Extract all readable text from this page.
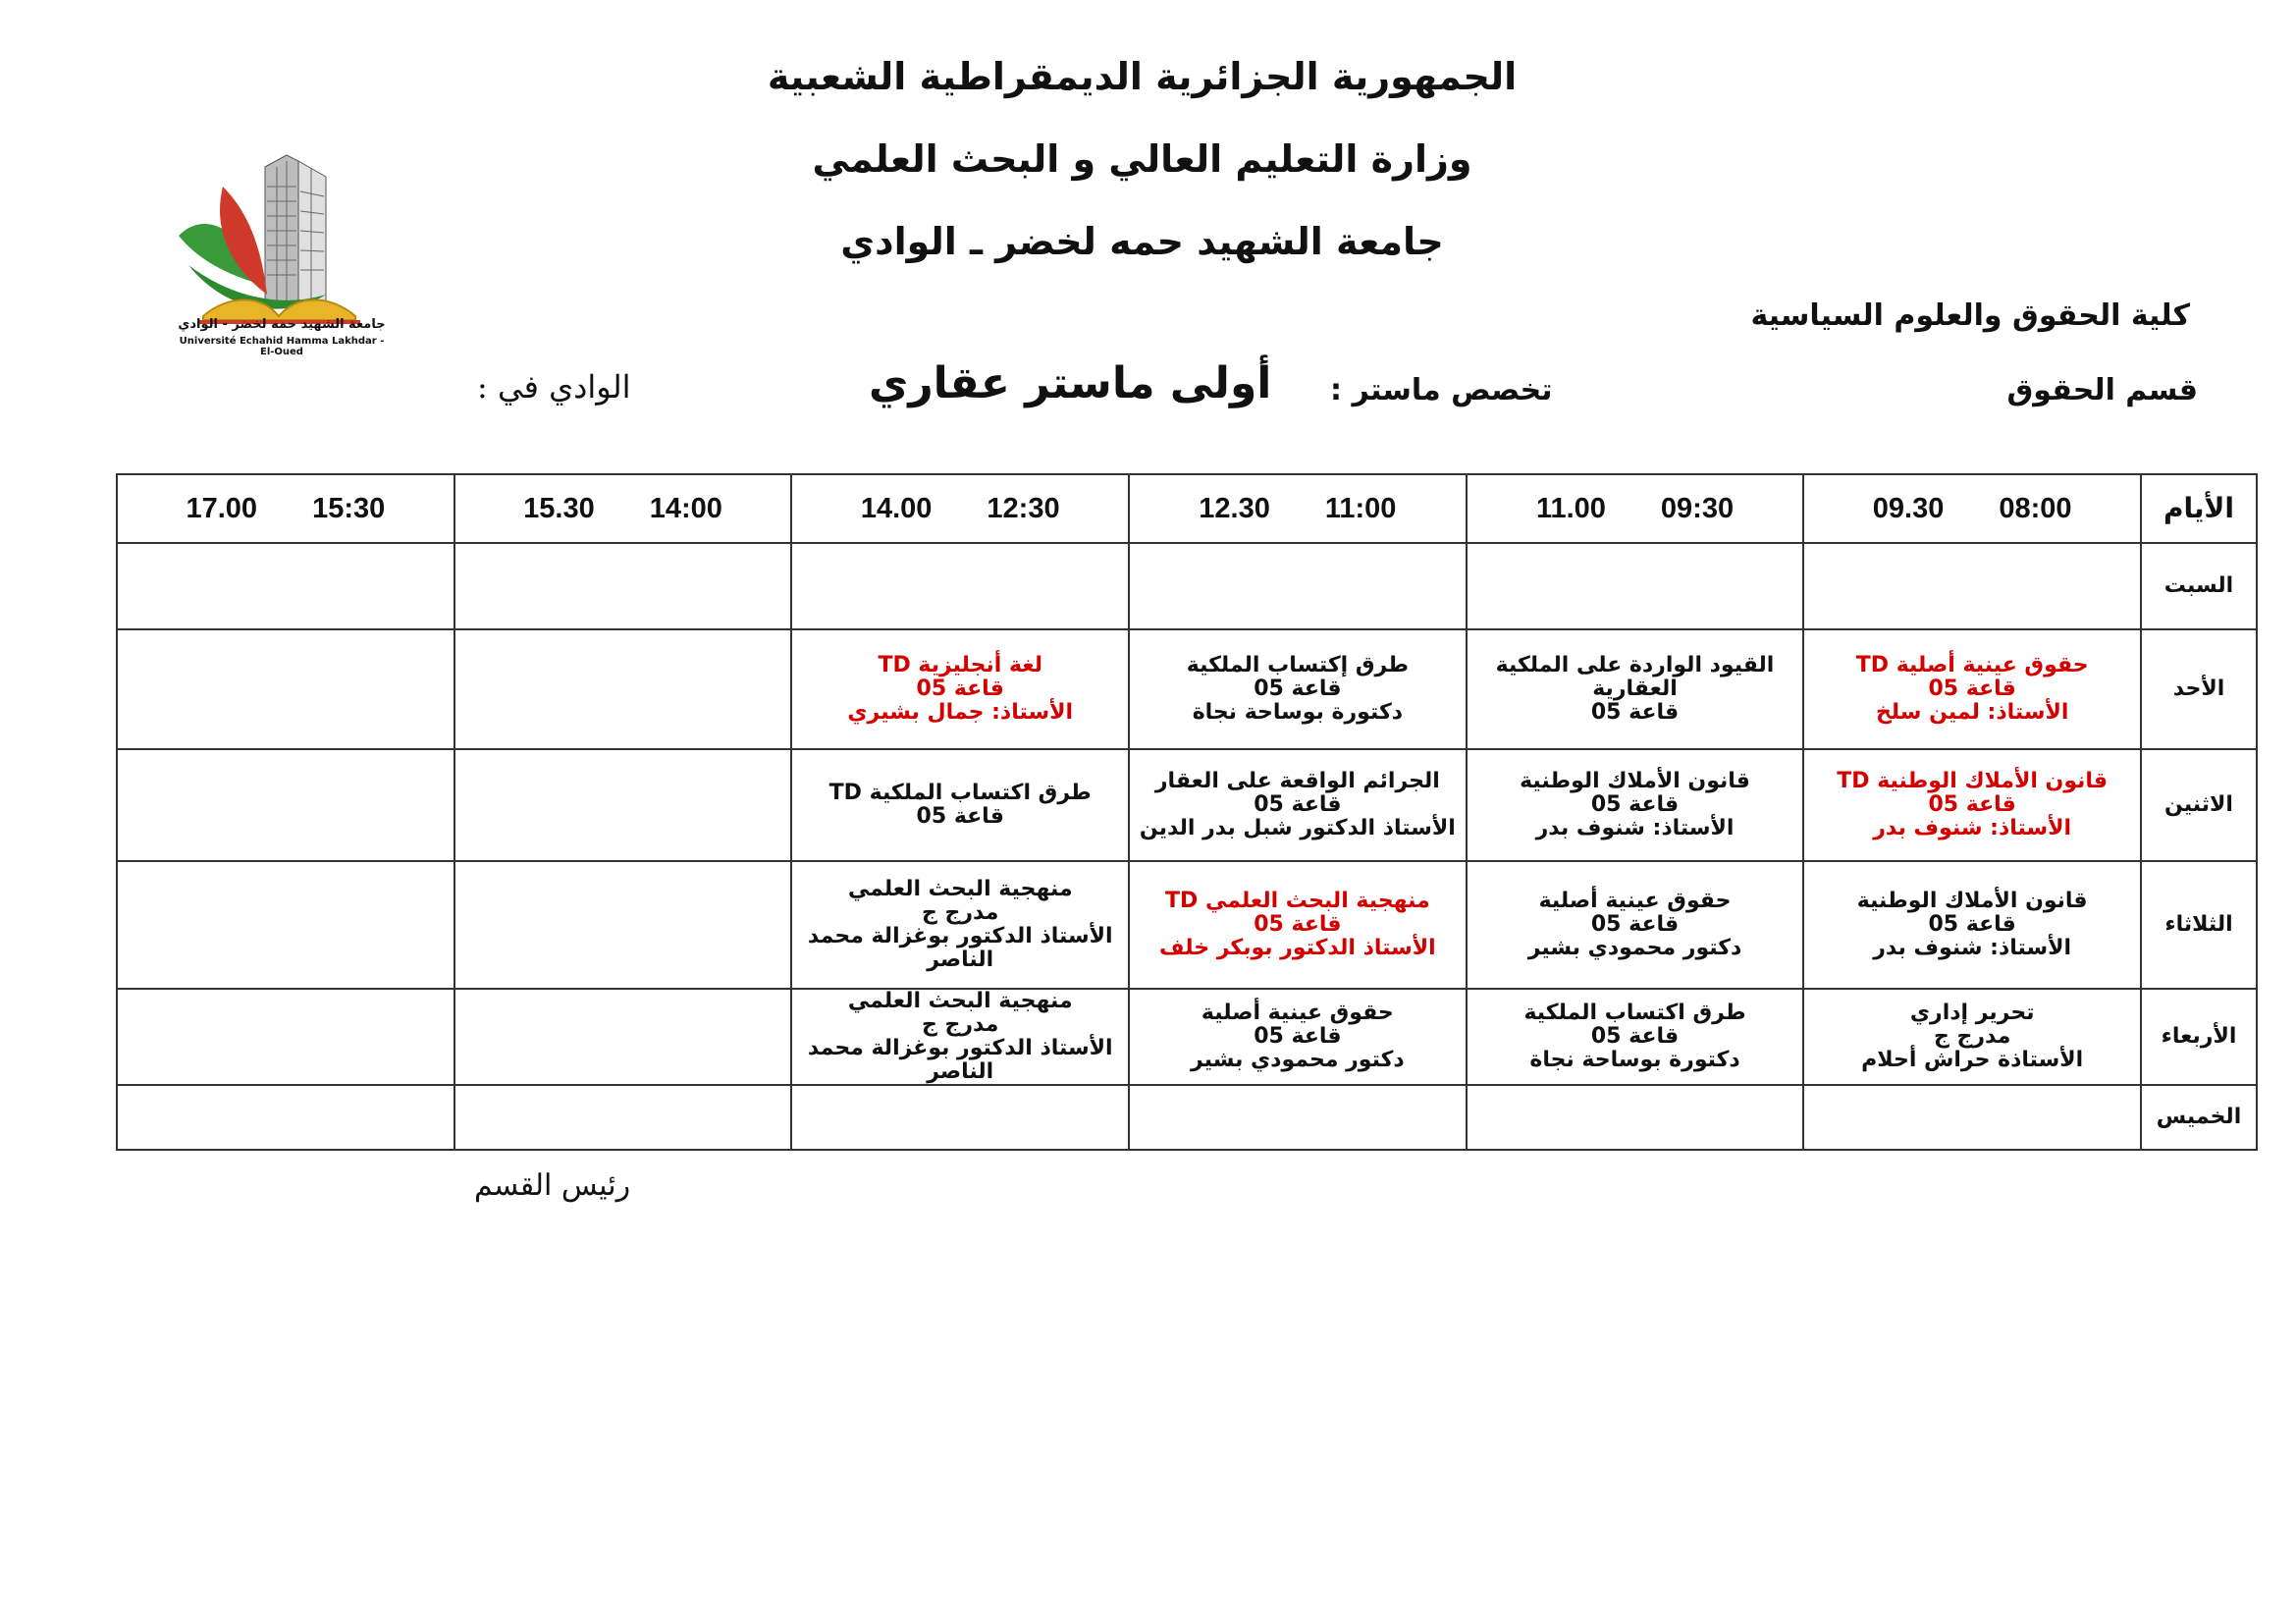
الجمهورية الجزائرية الديمقراطية الشعبية
وزارة التعليم العالي و البحث العلمي
جامعة الشهيد حمه لخضر ـ الوادي
جامعة الشهيد حمه لخضر - الوادي
Université Echahid Hamma Lakhdar - El-Oued
كلية الحقوق والعلوم السياسية
قسم الحقوق
تخصص ماستر :
أولى ماستر عقاري
الوادي في :
الأيام	08:0009.30	09:3011.00	11:0012.30	12:3014.00	14:0015.30	15:3017.00
السبت						
الأحد	حقوق عينية أصلية TD
قاعة 05
الأستاذ: لمين سلخ	القيود الواردة على الملكية العقارية
قاعة 05	طرق إكتساب الملكية
قاعة 05
دكتورة بوساحة نجاة	لغة أنجليزية TD
قاعة 05
الأستاذ: جمال بشيري		

الاثنين	قانون الأملاك الوطنية TD
قاعة 05
الأستاذ: شنوف بدر	قانون الأملاك الوطنية
قاعة 05
الأستاذ: شنوف بدر	الجرائم الواقعة على العقار
قاعة 05
الأستاذ الدكتور شبل بدر الدين	طرق اكتساب الملكية TD
قاعة 05		

الثلاثاء	قانون الأملاك الوطنية
قاعة 05
الأستاذ: شنوف بدر	حقوق عينية أصلية
قاعة 05
دكتور محمودي بشير	منهجية البحث العلمي TD
قاعة 05
الأستاذ الدكتور بوبكر خلف	منهجية البحث العلمي
مدرج ج
الأستاذ الدكتور بوغزالة محمد الناصر		

الأربعاء	تحرير إداري
مدرج ج
الأستاذة حراش أحلام	طرق اكتساب الملكية
قاعة 05
دكتورة بوساحة نجاة	حقوق عينية أصلية
قاعة 05
دكتور محمودي بشير	منهجية البحث العلمي
مدرج ج
الأستاذ الدكتور بوغزالة محمد الناصر		

الخميس						
رئيس القسم
